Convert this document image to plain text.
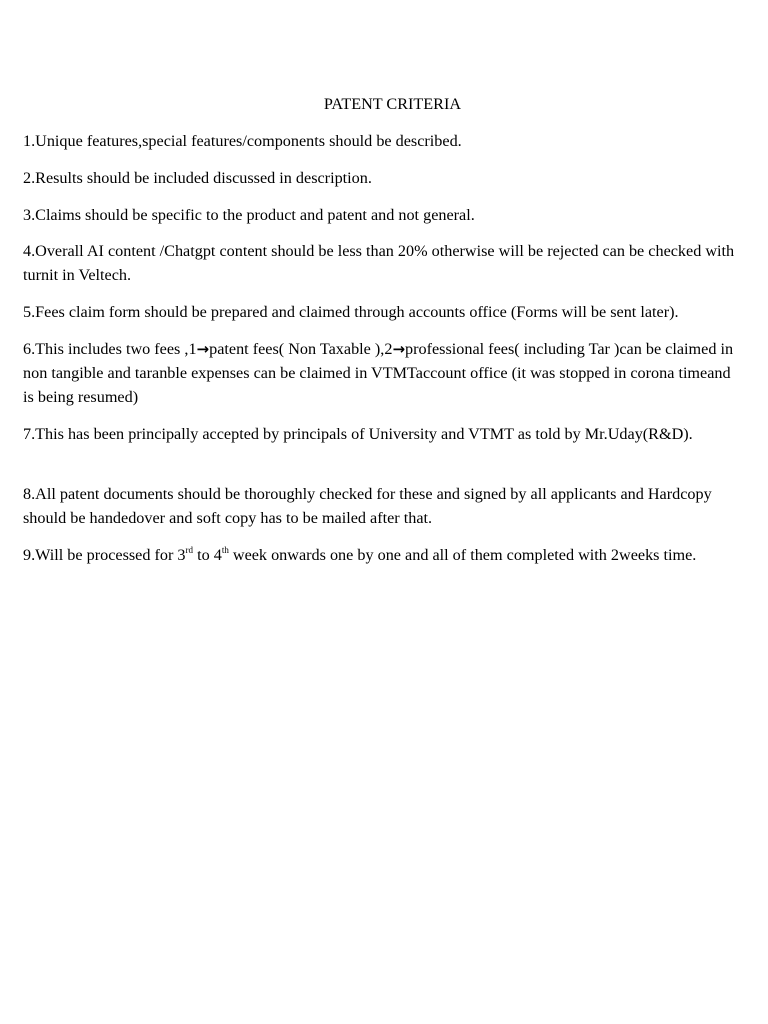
PATENT CRITERIA

1.Unique features,special features/components should be described.

2.Results should be included discussed in description.

3.Claims should be specific to the product and patent and not general.

4.Overall AI content /Chatgpt content should be less than 20% otherwise will be rejected can be checked with turnit in Veltech.

5.Fees claim form should be prepared and claimed through accounts office (Forms will be sent later).

6.This includes two fees ,1→patent fees( Non Taxable ),2→professional fees( including Tar )can be claimed in non tangible and taranble expenses can be claimed in VTMTaccount office (it was stopped in corona timeand is being resumed)

7.This has been principally accepted by principals of University and VTMT as told by Mr.Uday(R&D).

8.All patent documents should be thoroughly checked for these and signed by all applicants and Hardcopy should be handedover and soft copy has to be mailed after that.

9.Will be processed for 3rd to 4th week onwards one by one and all of them completed with 2weeks time.
